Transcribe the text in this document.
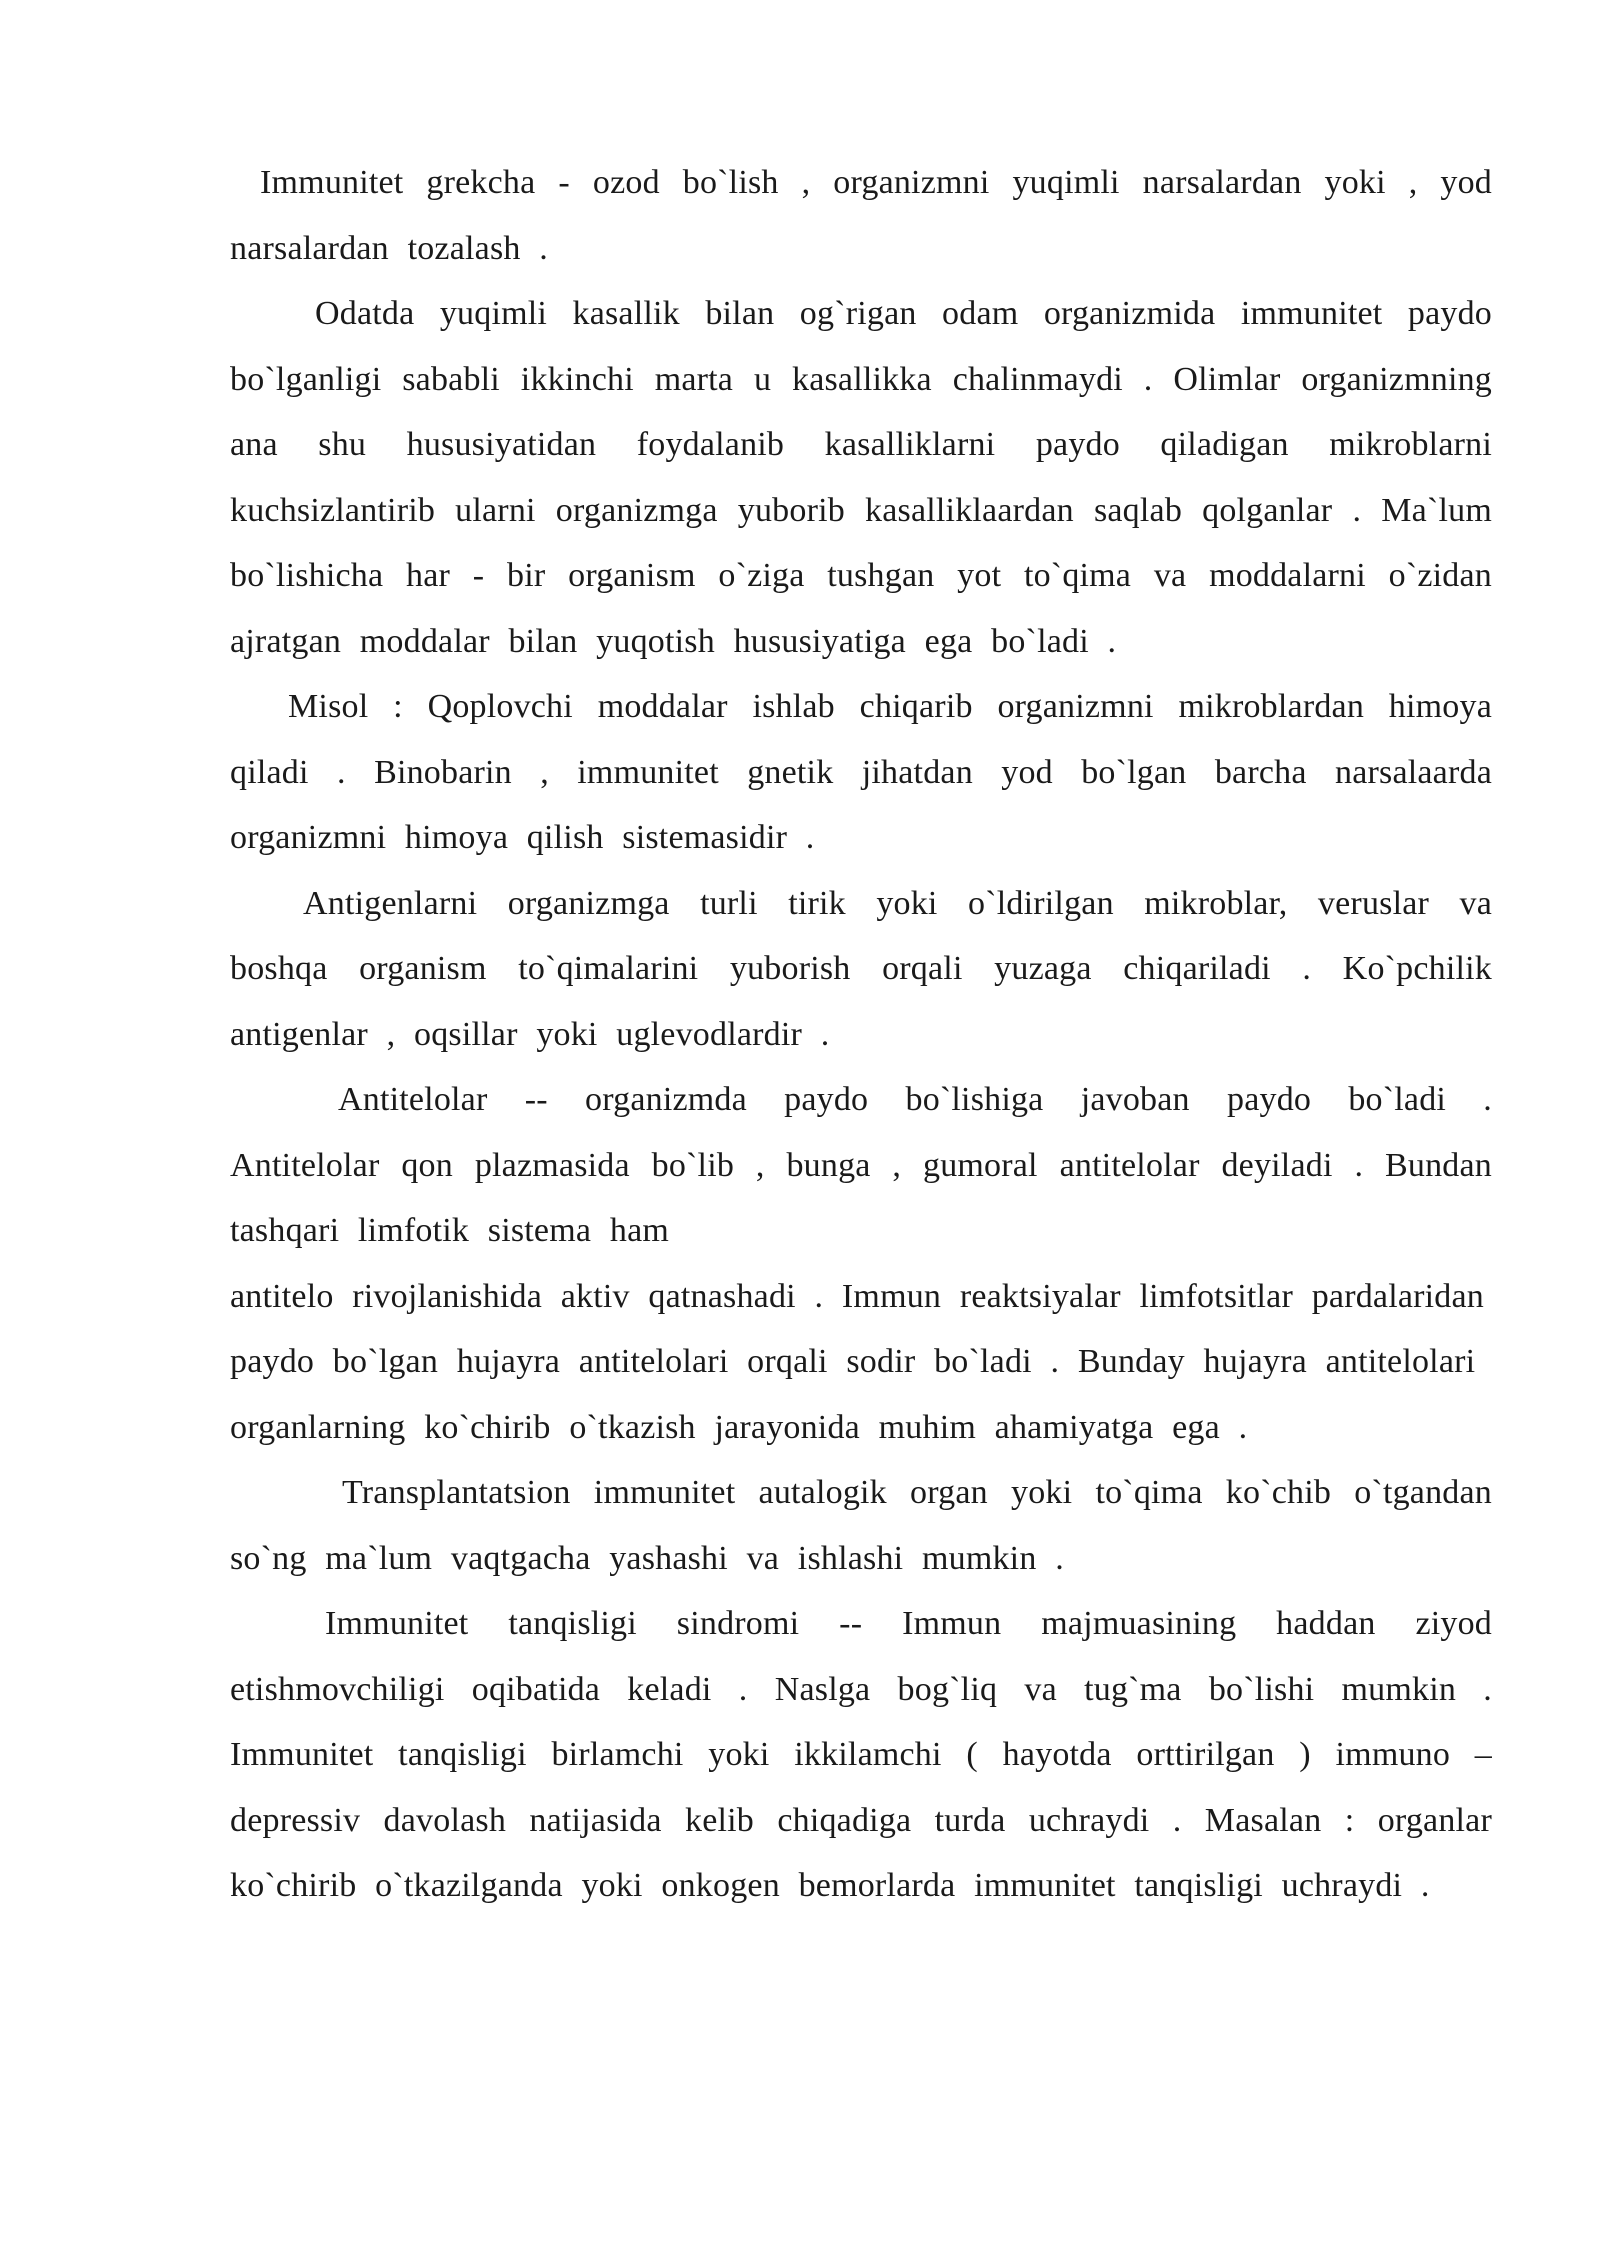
Immunitet grekcha - ozod bo`lish , organizmni yuqimli narsalardan yoki , yod narsalardan tozalash .

Odatda yuqimli kasallik bilan og`rigan odam organizmida immunitet paydo bo`lganligi sababli ikkinchi marta u kasallikka chalinmaydi . Olimlar organizmning ana shu hususiyatidan foydalanib kasalliklarni paydo qiladigan mikroblarni kuchsizlantirib ularni organizmga yuborib kasalliklaardan saqlab qolganlar . Ma`lum bo`lishicha har - bir organism o`ziga tushgan yot to`qima va moddalarni o`zidan ajratgan moddalar bilan yuqotish hususiyatiga ega bo`ladi .

Misol : Qoplovchi moddalar ishlab chiqarib organizmni mikroblardan himoya qiladi . Binobarin , immunitet gnetik jihatdan yod bo`lgan barcha narsalaarda organizmni himoya qilish sistemasidir .

Antigenlarni organizmga turli tirik yoki o`ldirilgan mikroblar, veruslar va boshqa organism to`qimalarini yuborish orqali yuzaga chiqariladi . Ko`pchilik antigenlar , oqsillar yoki uglevodlardir .

Antitelolar -- organizmda paydo bo`lishiga javoban paydo bo`ladi . Antitelolar qon plazmasida bo`lib , bunga , gumoral antitelolar deyiladi . Bundan tashqari limfotik sistema ham

antitelo rivojlanishida aktiv qatnashadi . Immun reaktsiyalar limfotsitlar pardalaridan paydo bo`lgan hujayra antitelolari orqali sodir bo`ladi . Bunday hujayra antitelolari organlarning ko`chirib o`tkazish jarayonida muhim ahamiyatga ega .

Transplantatsion immunitet autalogik organ yoki to`qima ko`chib o`tgandan so`ng ma`lum vaqtgacha yashashi va ishlashi mumkin .

Immunitet tanqisligi sindromi -- Immun majmuasining haddan ziyod etishmovchiligi oqibatida keladi . Naslga bog`liq va tug`ma bo`lishi mumkin . Immunitet tanqisligi birlamchi yoki ikkilamchi ( hayotda orttirilgan ) immuno – depressiv davolash natijasida kelib chiqadiga turda uchraydi . Masalan : organlar ko`chirib o`tkazilganda yoki onkogen bemorlarda immunitet tanqisligi uchraydi .
